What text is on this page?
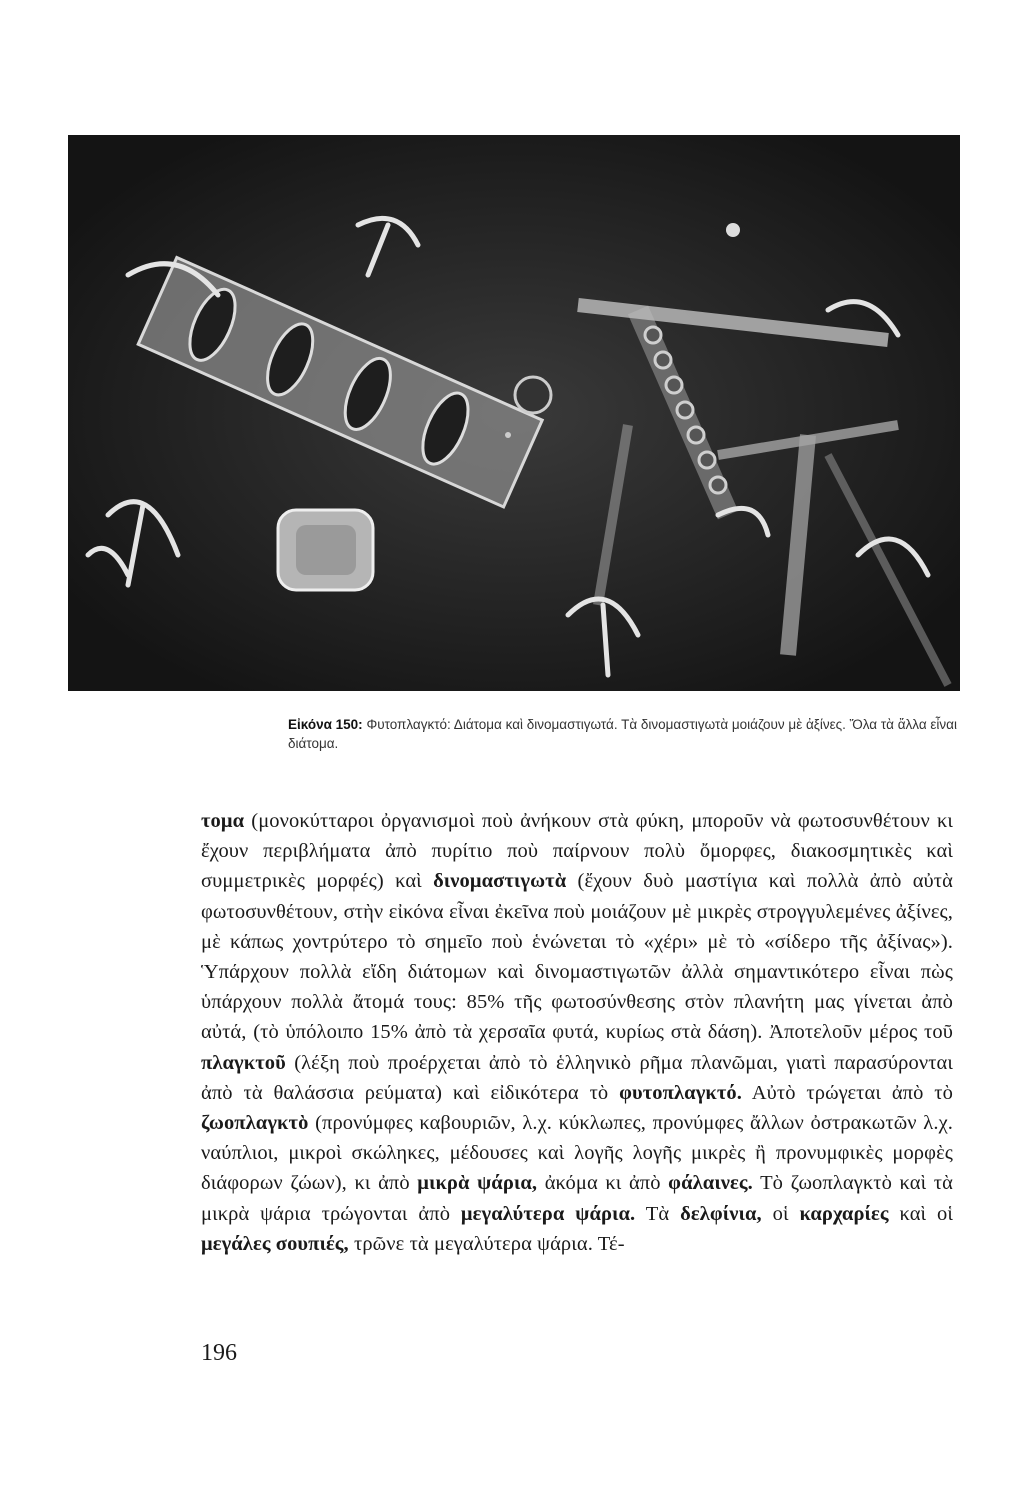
Εἰκόνα 150: Φυτοπλαγκτό: Διάτομα καὶ δινομαστιγωτά. Τὰ δινομαστιγωτὰ μοιάζουν μὲ ἀξίνες. Ὅλα τὰ ἄλλα εἶναι διάτομα.
τομα (μονοκύτταροι ὀργανισμοὶ ποὺ ἀνήκουν στὰ φύκη, μποροῦν νὰ φωτοσυνθέτουν κι ἔχουν περιβλήματα ἀπὸ πυρίτιο ποὺ παίρνουν πολὺ ὄμορφες, διακοσμητικὲς καὶ συμμετρικὲς μορφές) καὶ δινομαστιγωτὰ (ἔχουν δυὸ μαστίγια καὶ πολλὰ ἀπὸ αὐτὰ φωτοσυνθέτουν, στὴν εἰκόνα εἶναι ἐκεῖνα ποὺ μοιάζουν μὲ μικρὲς στρογγυλεμένες ἀξίνες, μὲ κάπως χοντρύτερο τὸ σημεῖο ποὺ ἑνώνεται τὸ «χέρι» μὲ τὸ «σίδερο τῆς ἀξίνας»). Ὑπάρχουν πολλὰ εἴδη διάτομων καὶ δινομαστιγωτῶν ἀλλὰ σημαντικότερο εἶναι πὼς ὑπάρχουν πολλὰ ἄτομά τους: 85% τῆς φωτοσύνθεσης στὸν πλανήτη μας γίνεται ἀπὸ αὐτά, (τὸ ὑπόλοιπο 15% ἀπὸ τὰ χερσαῖα φυτά, κυρίως στὰ δάση). Ἀποτελοῦν μέρος τοῦ πλαγκτοῦ (λέξη ποὺ προέρχεται ἀπὸ τὸ ἑλληνικὸ ρῆμα πλανῶμαι, γιατὶ παρασύρονται ἀπὸ τὰ θαλάσσια ρεύματα) καὶ εἰδικότερα τὸ φυτοπλαγκτό. Αὐτὸ τρώγεται ἀπὸ τὸ ζωοπλαγκτὸ (προνύμφες καβουριῶν, λ.χ. κύκλωπες, προνύμφες ἄλλων ὀστρακωτῶν λ.χ. ναύπλιοι, μικροὶ σκώληκες, μέδουσες καὶ λογῆς λογῆς μικρὲς ἢ προνυμφικὲς μορφὲς διάφορων ζώων), κι ἀπὸ μικρὰ ψάρια, ἀκόμα κι ἀπὸ φάλαινες. Τὸ ζωοπλαγκτὸ καὶ τὰ μικρὰ ψάρια τρώγονται ἀπὸ μεγαλύτερα ψάρια. Τὰ δελφίνια, οἱ καρχαρίες καὶ οἱ μεγάλες σουπιές, τρῶνε τὰ μεγαλύτερα ψάρια. Τέ-
196
